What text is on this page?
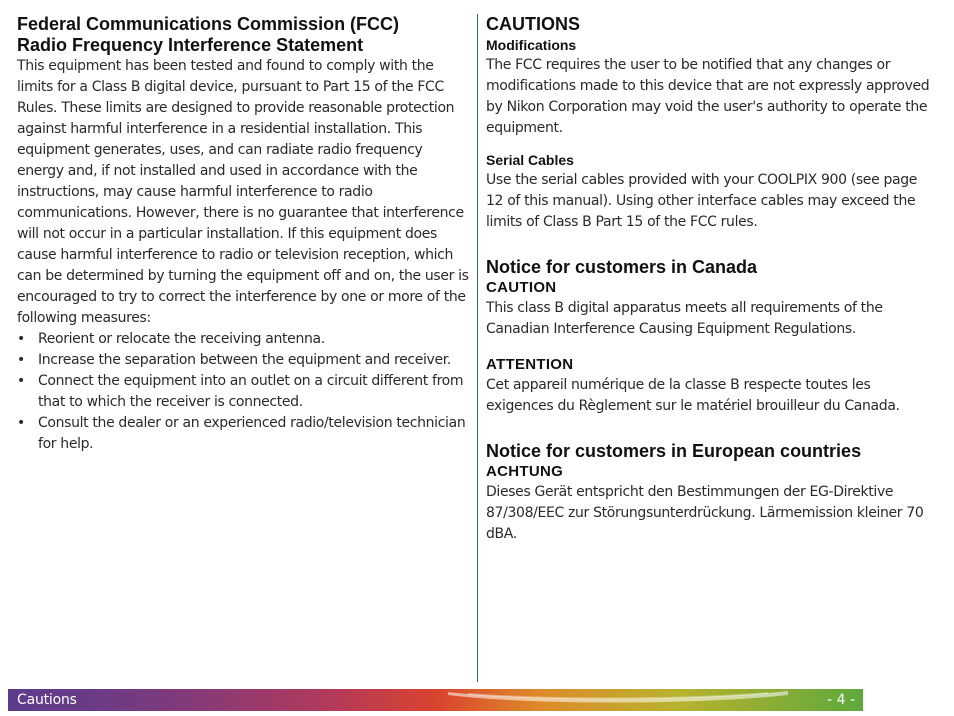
Federal Communications Commission (FCC)
Radio Frequency Interference Statement

This equipment has been tested and found to comply with the limits for a Class B digital device, pursuant to Part 15 of the FCC Rules. These limits are designed to provide reasonable protection against harmful interference in a residential installation. This equipment generates, uses, and can radiate radio frequency energy and, if not installed and used in accordance with the instructions, may cause harmful interference to radio communications. However, there is no guarantee that interference will not occur in a particular installation. If this equipment does cause harmful interference to radio or television reception, which can be determined by turning the equipment off and on, the user is encouraged to try to correct the interference by one or more of the following measures:

• Reorient or relocate the receiving antenna.
• Increase the separation between the equipment and receiver.
• Connect the equipment into an outlet on a circuit different from that to which the receiver is connected.
• Consult the dealer or an experienced radio/television technician for help.
CAUTIONS
Modifications

The FCC requires the user to be notified that any changes or modifications made to this device that are not expressly approved by Nikon Corporation may void the user's authority to operate the equipment.

Serial Cables

Use the serial cables provided with your COOLPIX 900 (see page 12 of this manual). Using other interface cables may exceed the limits of Class B Part 15 of the FCC rules.

Notice for customers in Canada
CAUTION

This class B digital apparatus meets all requirements of the Canadian Interference Causing Equipment Regulations.

ATTENTION

Cet appareil numérique de la classe B respecte toutes les exigences du Règlement sur le matériel brouilleur du Canada.

Notice for customers in European countries
ACHTUNG

Dieses Gerät entspricht den Bestimmungen der EG-Direktive 87/308/EEC zur Störungsunterdrückung. Lärmemission kleiner 70 dBA.

Cautions	- 4 -
